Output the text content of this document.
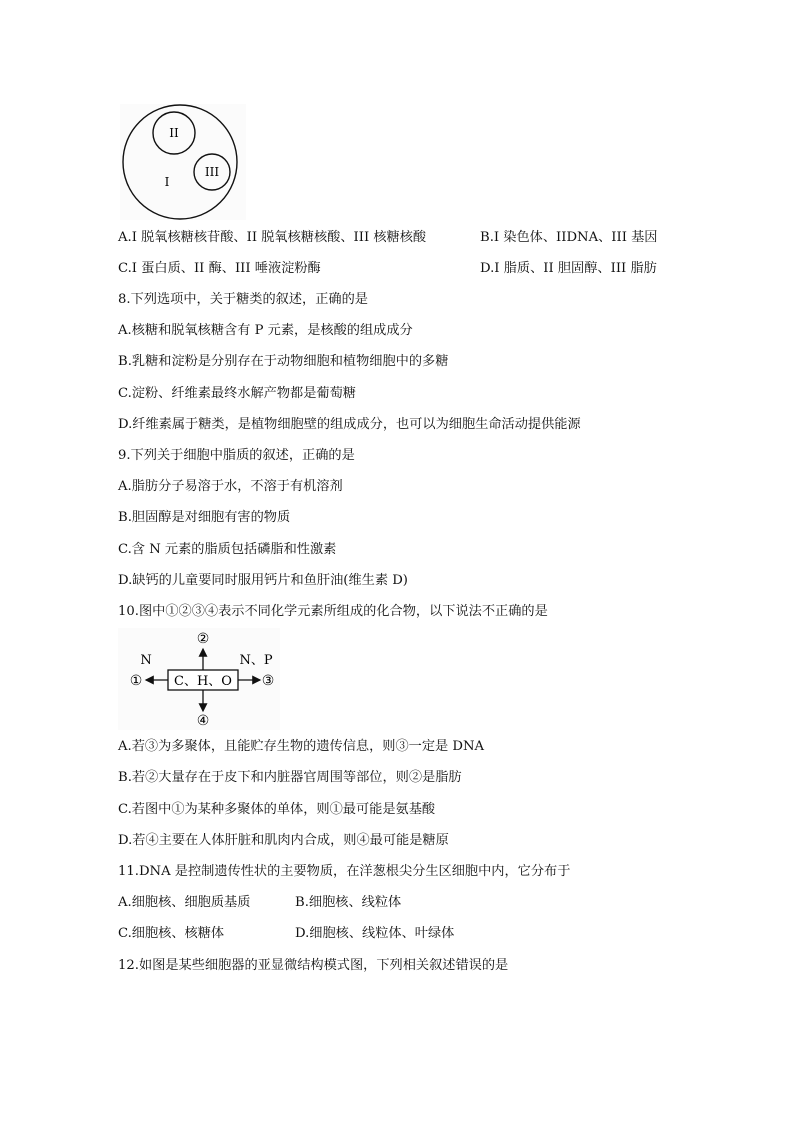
II
III
I
A.I 脱氧核糖核苷酸、II 脱氧核糖核酸、III 核糖核酸	B.I 染色体、IIDNA、III 基因
C.I 蛋白质、II 酶、III 唾液淀粉酶	D.I 脂质、II 胆固醇、III 脂肪
8.下列选项中，关于糖类的叙述，正确的是
A.核糖和脱氧核糖含有 P 元素，是核酸的组成成分
B.乳糖和淀粉是分别存在于动物细胞和植物细胞中的多糖
C.淀粉、纤维素最终水解产物都是葡萄糖
D.纤维素属于糖类，是植物细胞壁的组成成分，也可以为细胞生命活动提供能源
9.下列关于细胞中脂质的叙述，正确的是
A.脂肪分子易溶于水，不溶于有机溶剂
B.胆固醇是对细胞有害的物质
C.含 N 元素的脂质包括磷脂和性激素
D.缺钙的儿童要同时服用钙片和鱼肝油(维生素 D)
10.图中①②③④表示不同化学元素所组成的化合物，以下说法不正确的是
C、H、O
②
④
①	③
N	N、P
A.若③为多聚体，且能贮存生物的遗传信息，则③一定是 DNA
B.若②大量存在于皮下和内脏器官周围等部位，则②是脂肪
C.若图中①为某种多聚体的单体，则①最可能是氨基酸
D.若④主要在人体肝脏和肌肉内合成，则④最可能是糖原
11.DNA 是控制遗传性状的主要物质，在洋葱根尖分生区细胞中内，它分布于
A.细胞核、细胞质基质	B.细胞核、线粒体
C.细胞核、核糖体	D.细胞核、线粒体、叶绿体
12.如图是某些细胞器的亚显微结构模式图，下列相关叙述错误的是
